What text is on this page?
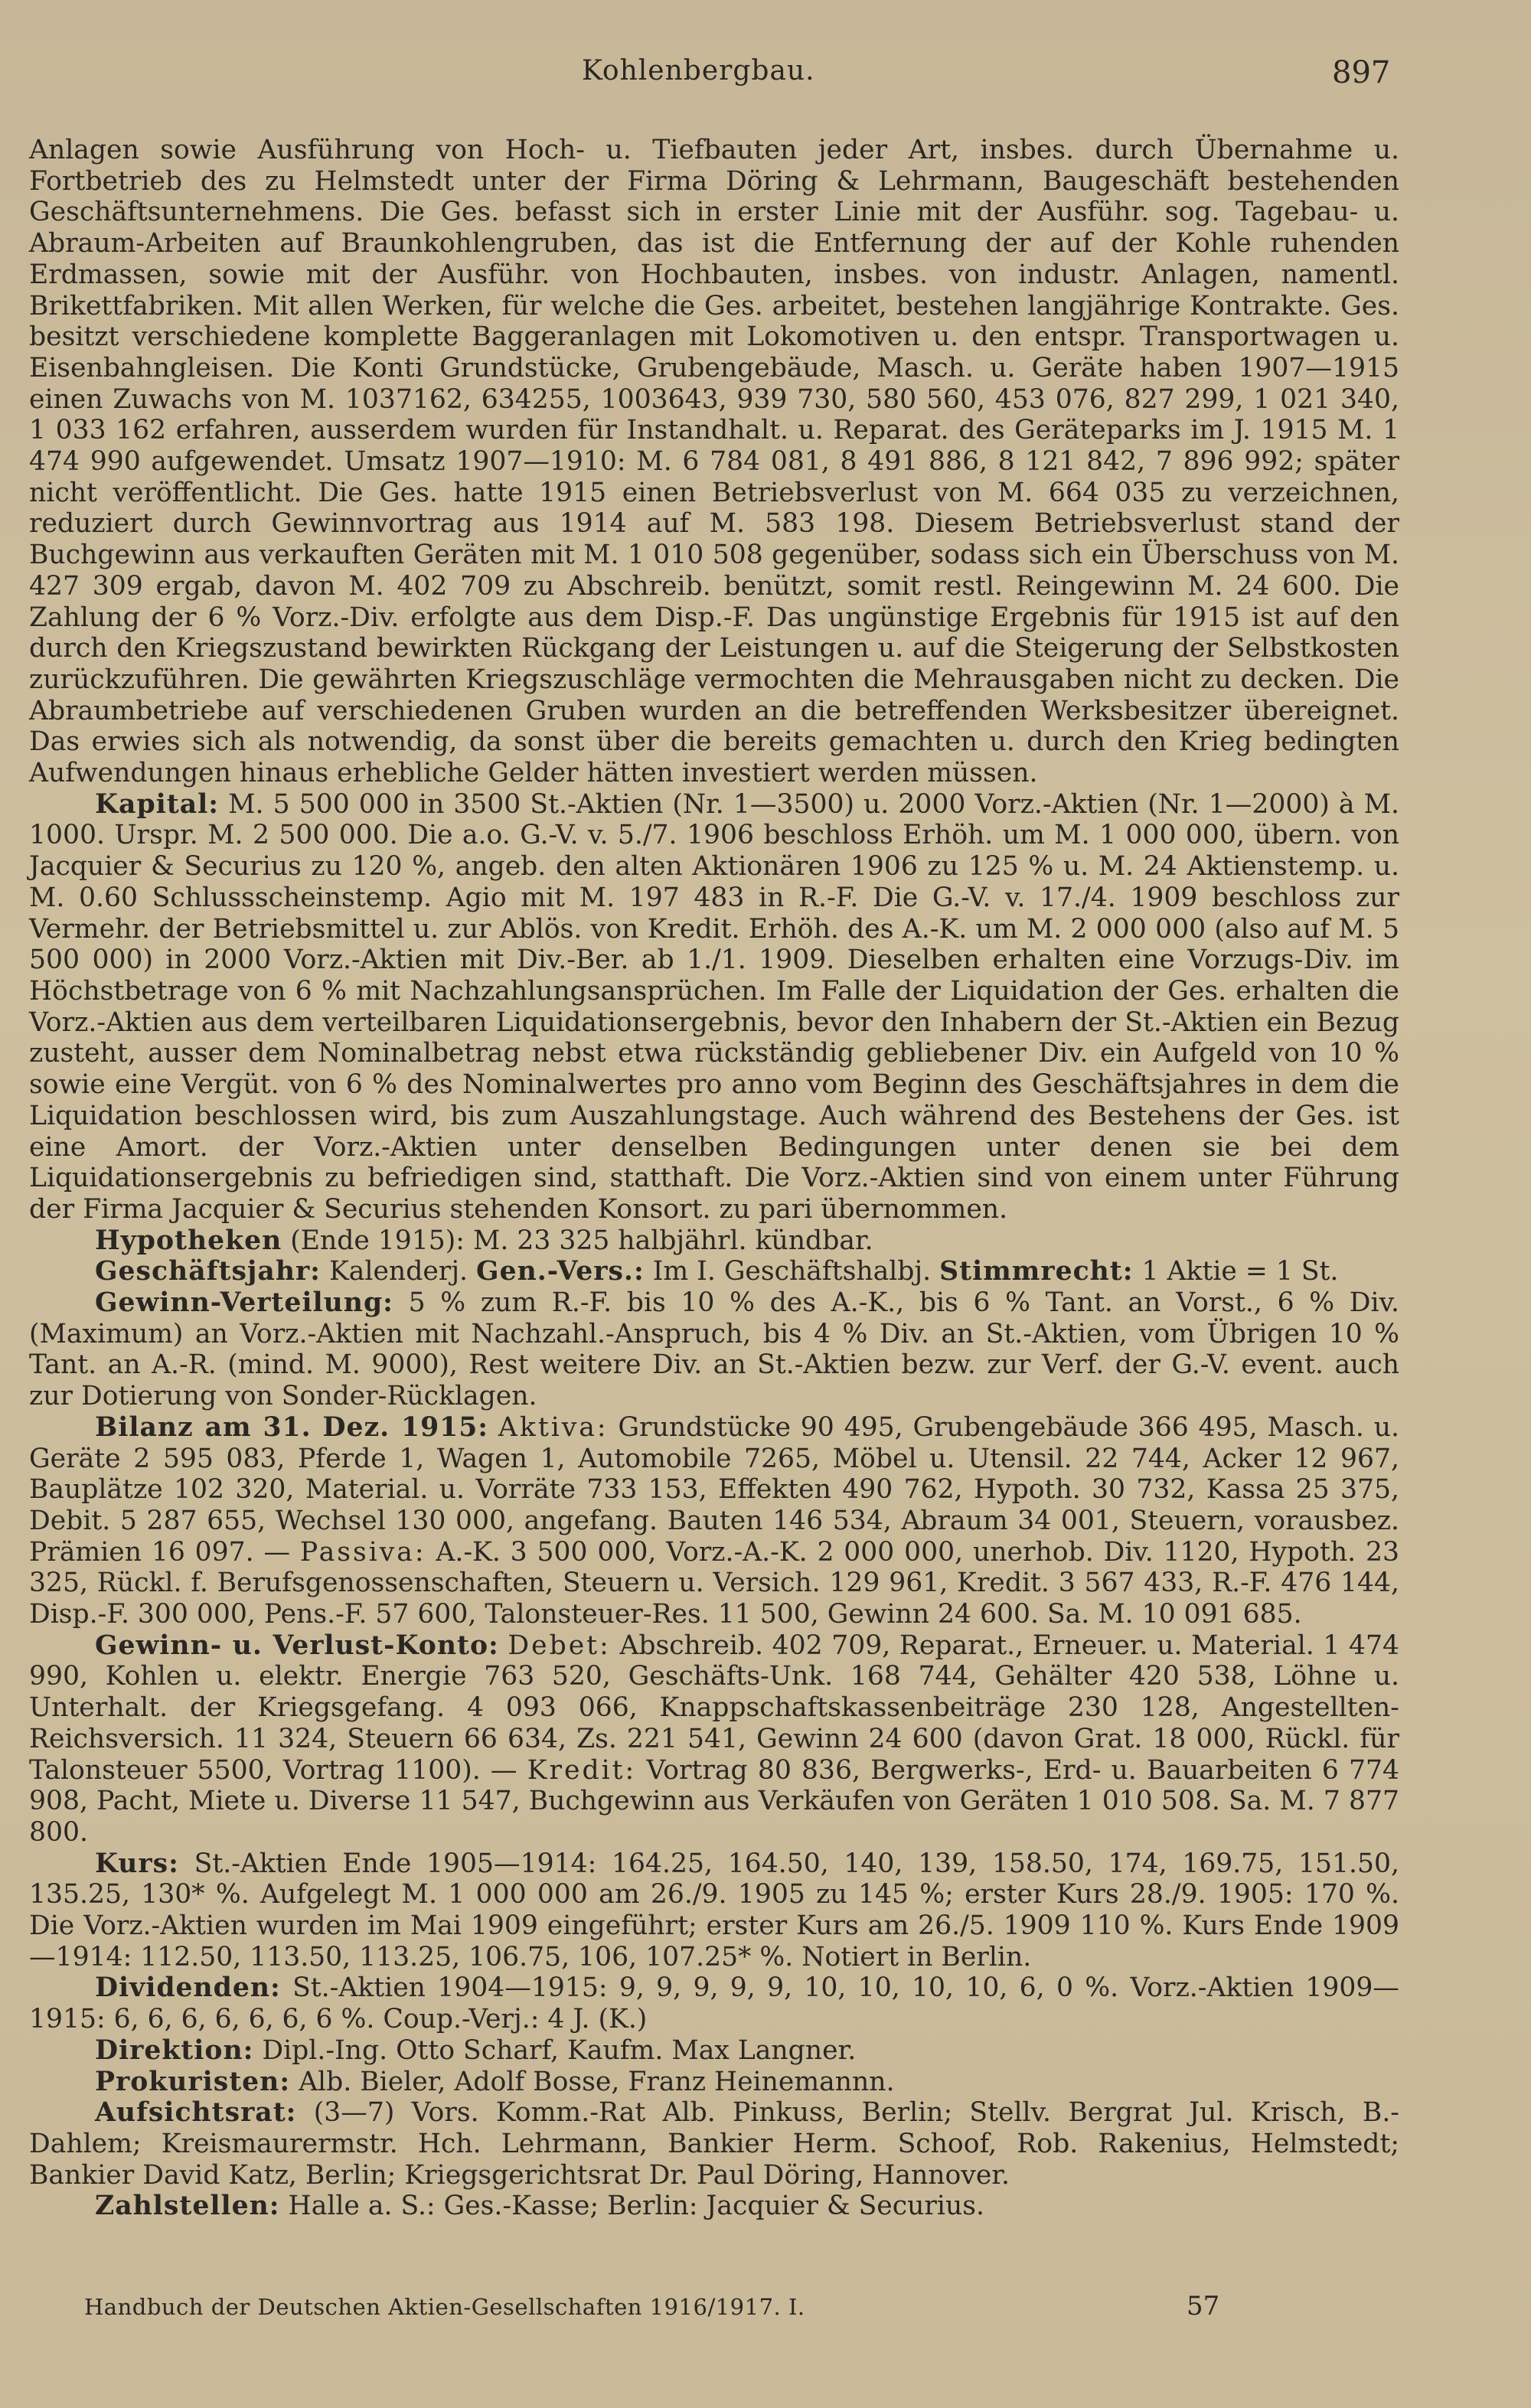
Kohlenbergbau.	897

Anlagen sowie Ausführung von Hoch- u. Tiefbauten jeder Art, insbes. durch Übernahme u. Fortbetrieb des zu Helmstedt unter der Firma Döring & Lehrmann, Baugeschäft bestehenden Geschäftsunternehmens. Die Ges. befasst sich in erster Linie mit der Ausführ. sog. Tagebau- u. Abraum-Arbeiten auf Braunkohlengruben, das ist die Entfernung der auf der Kohle ruhenden Erdmassen, sowie mit der Ausführ. von Hochbauten, insbes. von industr. Anlagen, namentl. Brikettfabriken. Mit allen Werken, für welche die Ges. arbeitet, bestehen langjährige Kontrakte. Ges. besitzt verschiedene komplette Baggeranlagen mit Lokomotiven u. den entspr. Transportwagen u. Eisenbahngleisen. Die Konti Grundstücke, Grubengebäude, Masch. u. Geräte haben 1907—1915 einen Zuwachs von M. 1037162, 634255, 1003643, 939 730, 580 560, 453 076, 827 299, 1 021 340, 1 033 162 erfahren, ausserdem wurden für Instandhalt. u. Reparat. des Geräteparks im J. 1915 M. 1 474 990 aufgewendet. Umsatz 1907—1910: M. 6 784 081, 8 491 886, 8 121 842, 7 896 992; später nicht veröffentlicht. Die Ges. hatte 1915 einen Betriebsverlust von M. 664 035 zu verzeichnen, reduziert durch Gewinnvortrag aus 1914 auf M. 583 198. Diesem Betriebsverlust stand der Buchgewinn aus verkauften Geräten mit M. 1 010 508 gegenüber, sodass sich ein Überschuss von M. 427 309 ergab, davon M. 402 709 zu Abschreib. benützt, somit restl. Reingewinn M. 24 600. Die Zahlung der 6 % Vorz.-Div. erfolgte aus dem Disp.-F. Das ungünstige Ergebnis für 1915 ist auf den durch den Kriegszustand bewirkten Rückgang der Leistungen u. auf die Steigerung der Selbstkosten zurückzuführen. Die gewährten Kriegszuschläge vermochten die Mehrausgaben nicht zu decken. Die Abraumbetriebe auf verschiedenen Gruben wurden an die betreffenden Werksbesitzer übereignet. Das erwies sich als notwendig, da sonst über die bereits gemachten u. durch den Krieg bedingten Aufwendungen hinaus erhebliche Gelder hätten investiert werden müssen.

Kapital: M. 5 500 000 in 3500 St.-Aktien (Nr. 1—3500) u. 2000 Vorz.-Aktien (Nr. 1—2000) à M. 1000. Urspr. M. 2 500 000. Die a.o. G.-V. v. 5./7. 1906 beschloss Erhöh. um M. 1 000 000, übern. von Jacquier & Securius zu 120 %, angeb. den alten Aktionären 1906 zu 125 % u. M. 24 Aktienstemp. u. M. 0.60 Schlussscheinstemp. Agio mit M. 197 483 in R.-F. Die G.-V. v. 17./4. 1909 beschloss zur Vermehr. der Betriebsmittel u. zur Ablös. von Kredit. Erhöh. des A.-K. um M. 2 000 000 (also auf M. 5 500 000) in 2000 Vorz.-Aktien mit Div.-Ber. ab 1./1. 1909. Dieselben erhalten eine Vorzugs-Div. im Höchstbetrage von 6 % mit Nachzahlungsansprüchen. Im Falle der Liquidation der Ges. erhalten die Vorz.-Aktien aus dem verteilbaren Liquidationsergebnis, bevor den Inhabern der St.-Aktien ein Bezug zusteht, ausser dem Nominalbetrag nebst etwa rückständig gebliebener Div. ein Aufgeld von 10 % sowie eine Vergüt. von 6 % des Nominalwertes pro anno vom Beginn des Geschäftsjahres in dem die Liquidation beschlossen wird, bis zum Auszahlungstage. Auch während des Bestehens der Ges. ist eine Amort. der Vorz.-Aktien unter denselben Bedingungen unter denen sie bei dem Liquidationsergebnis zu befriedigen sind, statthaft. Die Vorz.-Aktien sind von einem unter Führung der Firma Jacquier & Securius stehenden Konsort. zu pari übernommen.

Hypotheken (Ende 1915): M. 23 325 halbjährl. kündbar.

Geschäftsjahr: Kalenderj. Gen.-Vers.: Im I. Geschäftshalbj. Stimmrecht: 1 Aktie = 1 St.

Gewinn-Verteilung: 5 % zum R.-F. bis 10 % des A.-K., bis 6 % Tant. an Vorst., 6 % Div. (Maximum) an Vorz.-Aktien mit Nachzahl.-Anspruch, bis 4 % Div. an St.-Aktien, vom Übrigen 10 % Tant. an A.-R. (mind. M. 9000), Rest weitere Div. an St.-Aktien bezw. zur Verf. der G.-V. event. auch zur Dotierung von Sonder-Rücklagen.

Bilanz am 31. Dez. 1915: Aktiva: Grundstücke 90 495, Grubengebäude 366 495, Masch. u. Geräte 2 595 083, Pferde 1, Wagen 1, Automobile 7265, Möbel u. Utensil. 22 744, Acker 12 967, Bauplätze 102 320, Material. u. Vorräte 733 153, Effekten 490 762, Hypoth. 30 732, Kassa 25 375, Debit. 5 287 655, Wechsel 130 000, angefang. Bauten 146 534, Abraum 34 001, Steuern, vorausbez. Prämien 16 097. — Passiva: A.-K. 3 500 000, Vorz.-A.-K. 2 000 000, unerhob. Div. 1120, Hypoth. 23 325, Rückl. f. Berufsgenossenschaften, Steuern u. Versich. 129 961, Kredit. 3 567 433, R.-F. 476 144, Disp.-F. 300 000, Pens.-F. 57 600, Talonsteuer-Res. 11 500, Gewinn 24 600. Sa. M. 10 091 685.

Gewinn- u. Verlust-Konto: Debet: Abschreib. 402 709, Reparat., Erneuer. u. Material. 1 474 990, Kohlen u. elektr. Energie 763 520, Geschäfts-Unk. 168 744, Gehälter 420 538, Löhne u. Unterhalt. der Kriegsgefang. 4 093 066, Knappschaftskassenbeiträge 230 128, Angestellten-Reichsversich. 11 324, Steuern 66 634, Zs. 221 541, Gewinn 24 600 (davon Grat. 18 000, Rückl. für Talonsteuer 5500, Vortrag 1100). — Kredit: Vortrag 80 836, Bergwerks-, Erd- u. Bauarbeiten 6 774 908, Pacht, Miete u. Diverse 11 547, Buchgewinn aus Verkäufen von Geräten 1 010 508. Sa. M. 7 877 800.

Kurs: St.-Aktien Ende 1905—1914: 164.25, 164.50, 140, 139, 158.50, 174, 169.75, 151.50, 135.25, 130* %. Aufgelegt M. 1 000 000 am 26./9. 1905 zu 145 %; erster Kurs 28./9. 1905: 170 %. Die Vorz.-Aktien wurden im Mai 1909 eingeführt; erster Kurs am 26./5. 1909 110 %. Kurs Ende 1909—1914: 112.50, 113.50, 113.25, 106.75, 106, 107.25* %. Notiert in Berlin.

Dividenden: St.-Aktien 1904—1915: 9, 9, 9, 9, 9, 10, 10, 10, 10, 6, 0 %. Vorz.-Aktien 1909—1915: 6, 6, 6, 6, 6, 6, 6 %. Coup.-Verj.: 4 J. (K.)

Direktion: Dipl.-Ing. Otto Scharf, Kaufm. Max Langner.

Prokuristen: Alb. Bieler, Adolf Bosse, Franz Heinemannn.

Aufsichtsrat: (3—7) Vors. Komm.-Rat Alb. Pinkuss, Berlin; Stellv. Bergrat Jul. Krisch, B.-Dahlem; Kreismaurermstr. Hch. Lehrmann, Bankier Herm. Schoof, Rob. Rakenius, Helmstedt; Bankier David Katz, Berlin; Kriegsgerichtsrat Dr. Paul Döring, Hannover.

Zahlstellen: Halle a. S.: Ges.-Kasse; Berlin: Jacquier & Securius.

Handbuch der Deutschen Aktien-Gesellschaften 1916/1917. I.	57
